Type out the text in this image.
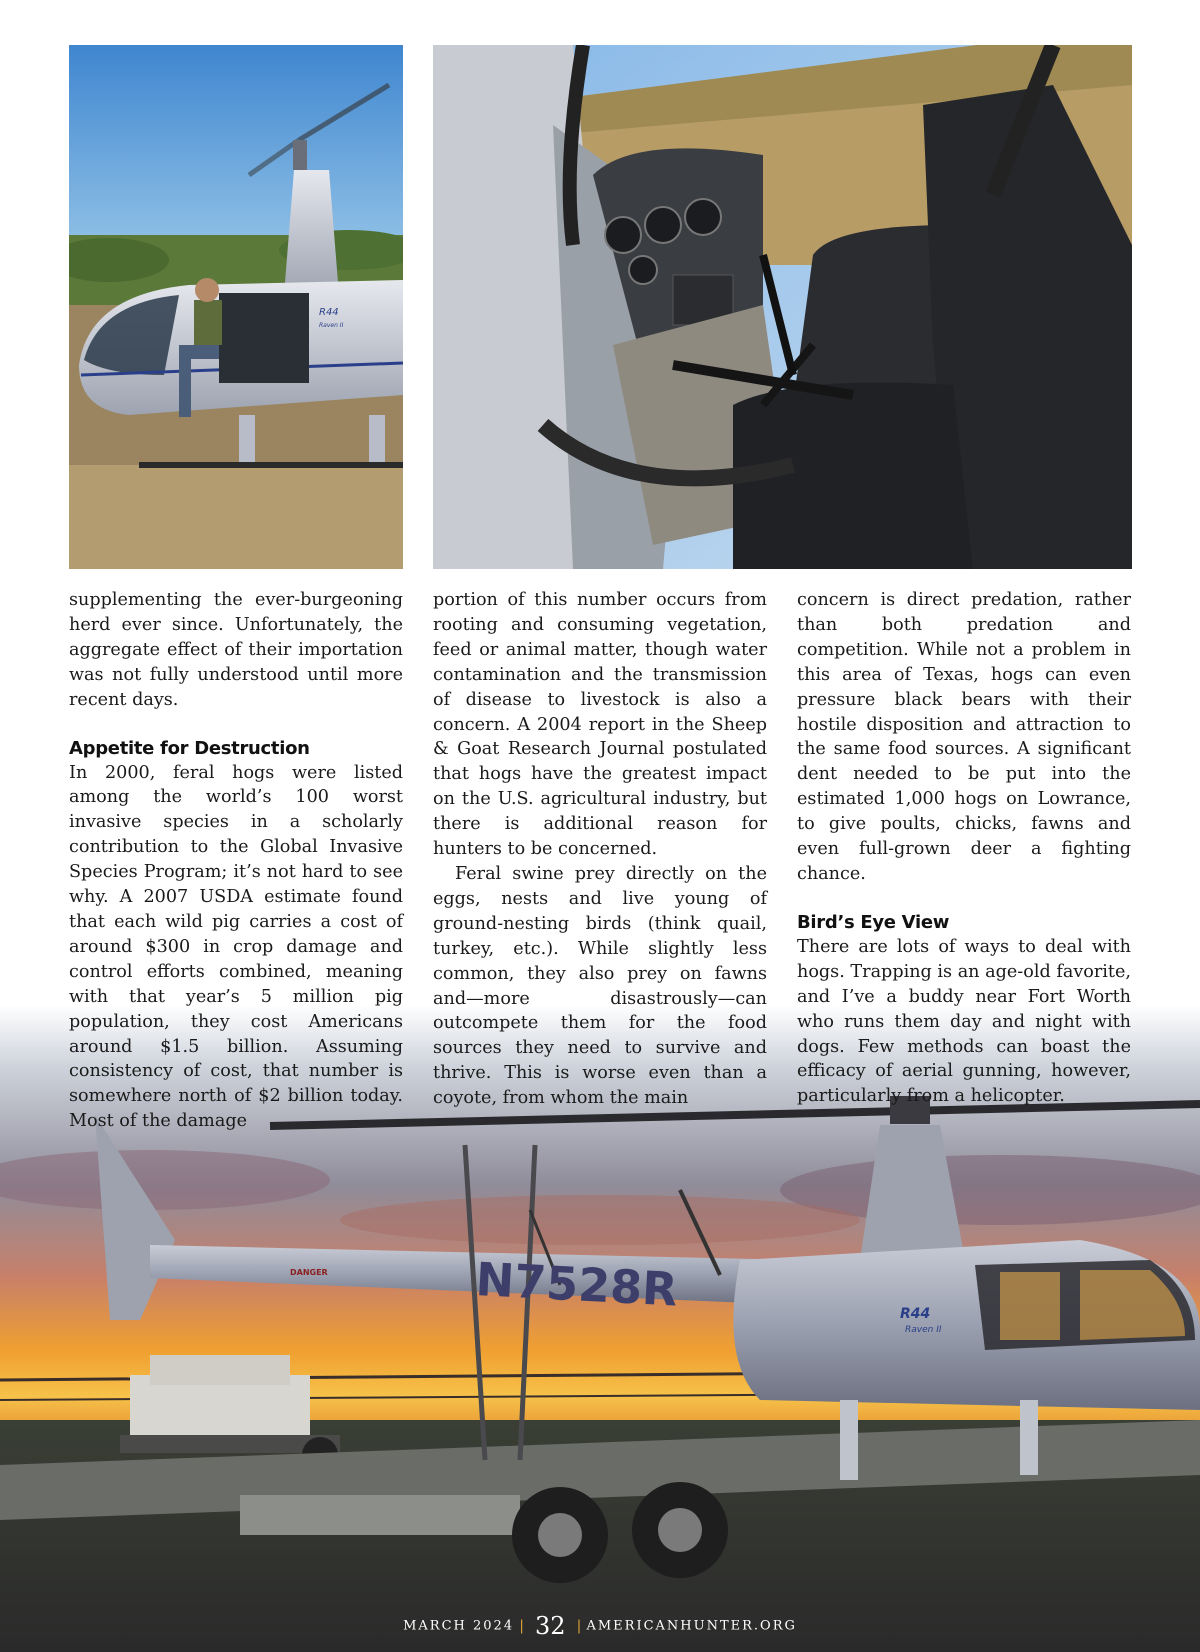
R44
Raven II

supplementing the ever-burgeoning herd ever since. Unfortunately, the aggregate effect of their importation was not fully understood until more recent days.

Appetite for Destruction

In 2000, feral hogs were listed among the world’s 100 worst invasive species in a scholarly contribution to the Global Invasive Species Program; it’s not hard to see why. A 2007 USDA estimate found that each wild pig carries a cost of around $300 in crop damage and control efforts combined, meaning with that year’s 5 million pig population, they cost Americans around $1.5 billion. Assuming consistency of cost, that number is somewhere north of $2 billion today. Most of the damage

portion of this number occurs from rooting and consuming vegetation, feed or animal matter, though water contamination and the transmission of disease to livestock is also a concern. A 2004 report in the Sheep & Goat Research Journal postulated that hogs have the greatest impact on the U.S. agricultural industry, but there is additional reason for hunters to be concerned.

Feral swine prey directly on the eggs, nests and live young of ground-nesting birds (think quail, turkey, etc.). While slightly less common, they also prey on fawns and—more disastrously—can outcompete them for the food sources they need to survive and thrive. This is worse even than a coyote, from whom the main

concern is direct predation, rather than both predation and competition. While not a problem in this area of Texas, hogs can even pressure black bears with their hostile disposition and attraction to the same food sources. A significant dent needed to be put into the estimated 1,000 hogs on Lowrance, to give poults, chicks, fawns and even full-grown deer a fighting chance.

Bird’s Eye View

There are lots of ways to deal with hogs. Trapping is an age-old favorite, and I’ve a buddy near Fort Worth who runs them day and night with dogs. Few methods can boast the efficacy of aerial gunning, however, particularly from a helicopter.

N7528R	R44
Raven II
DANGER
MARCH 2024 | 32 | AMERICANHUNTER.ORG
